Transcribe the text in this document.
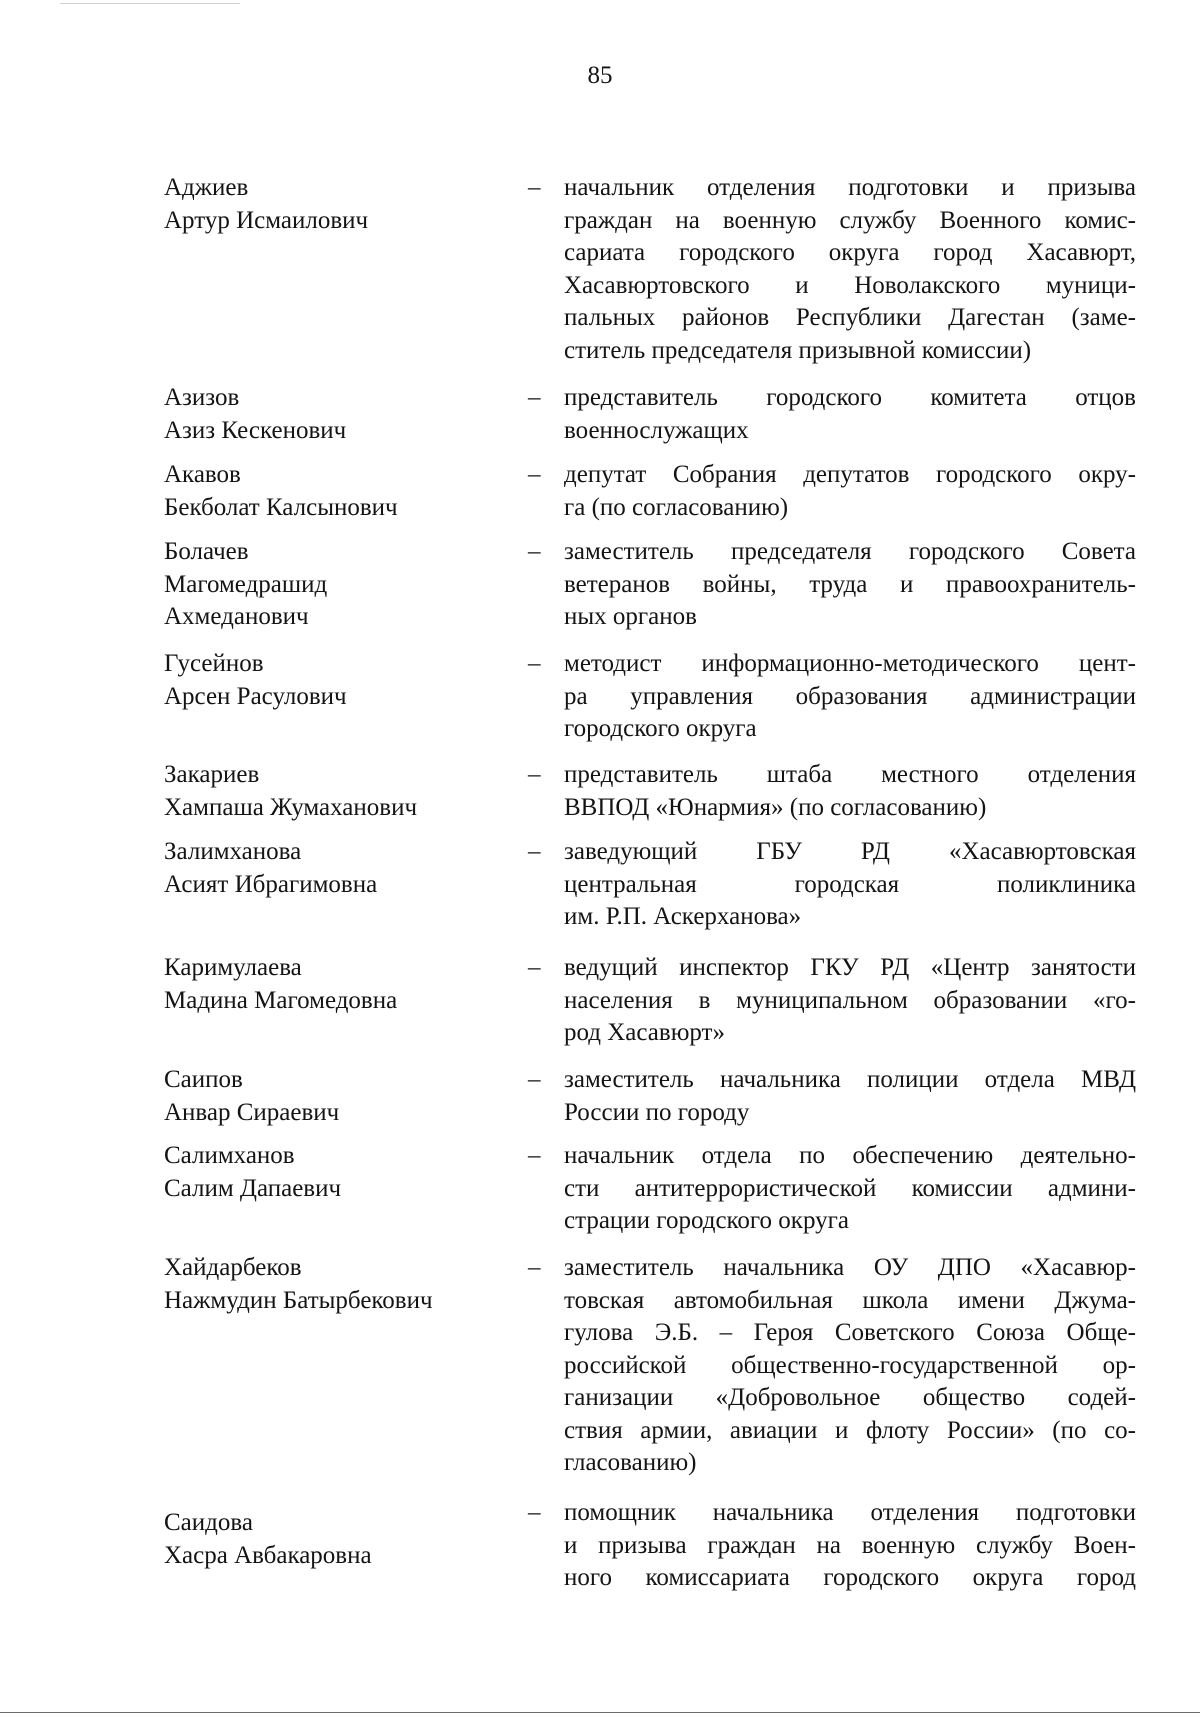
85
Аджиев
Артур Исмаилович
– начальник отделения подготовки и призыва
граждан на военную службу Военного комис-
сариата городского округа город Хасавюрт,
Хасавюртовского и Новолакского муници-
пальных районов Республики Дагестан (заме-
ститель председателя призывной комиссии)
Азизов
Азиз Кескенович
– представитель городского комитета отцов
военнослужащих
Акавов
Бекболат Калсынович
– депутат Собрания депутатов городского окру-
га (по согласованию)
Болачев
Магомедрашид
Ахмеданович
– заместитель председателя городского Совета
ветеранов войны, труда и правоохранитель-
ных органов
Гусейнов
Арсен Расулович
– методист информационно-методического цент-
ра управления образования администрации
городского округа
Закариев
Хампаша Жумаханович
– представитель штаба местного отделения
ВВПОД «Юнармия» (по согласованию)
Залимханова
Асият Ибрагимовна
– заведующий ГБУ РД «Хасавюртовская
центральная городская поликлиника
им. Р.П. Аскерханова»
Каримулаева
Мадина Магомедовна
– ведущий инспектор ГКУ РД «Центр занятости
населения в муниципальном образовании «го-
род Хасавюрт»
Саипов
Анвар Сираевич
– заместитель начальника полиции отдела МВД
России по городу
Салимханов
Салим Дапаевич
– начальник отдела по обеспечению деятельно-
сти антитеррористической комиссии админи-
страции городского округа
Хайдарбеков
Нажмудин Батырбекович
– заместитель начальника ОУ ДПО «Хасавюр-
товская автомобильная школа имени Джума-
гулова Э.Б. – Героя Советского Союза Обще-
российской общественно-государственной ор-
ганизации «Добровольное общество содей-
ствия армии, авиации и флоту России» (по со-
гласованию)
Саидова
Хасра Авбакаровна
– помощник начальника отделения подготовки
и призыва граждан на военную службу Воен-
ного комиссариата городского округа город
